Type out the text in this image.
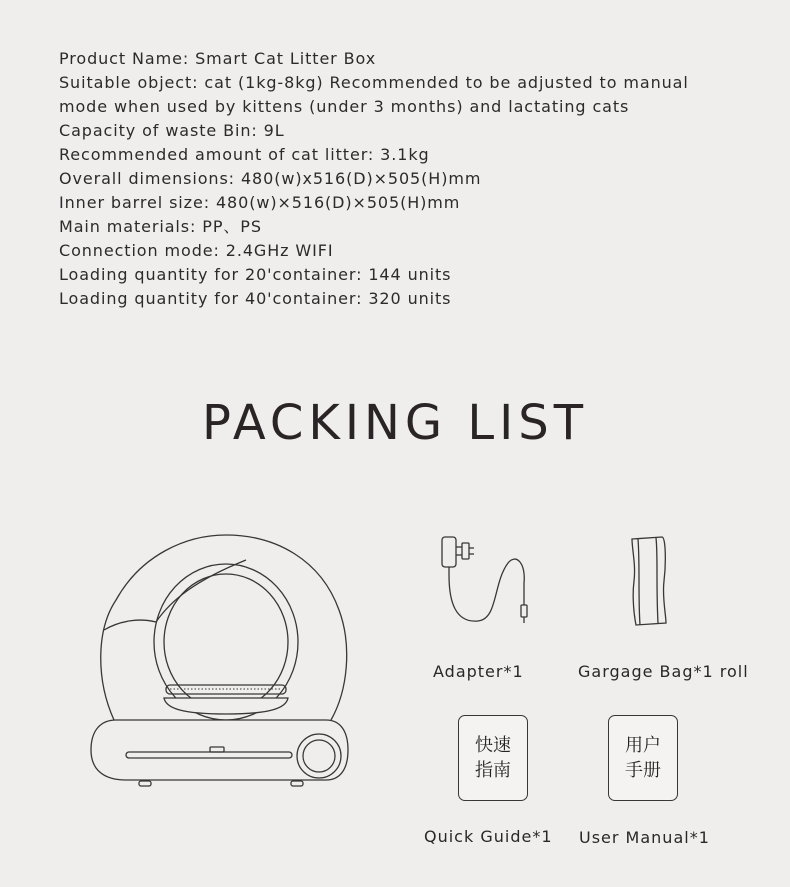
Product Name: Smart Cat Litter Box
Suitable object: cat (1kg-8kg) Recommended to be adjusted to manual
mode when used by kittens (under 3 months) and lactating cats
Capacity of waste Bin: 9L
Recommended amount of cat litter: 3.1kg
Overall dimensions: 480(w)x516(D)×505(H)mm
Inner barrel size: 480(w)×516(D)×505(H)mm
Main materials: PP、PS
Connection mode: 2.4GHz WIFI
Loading quantity for 20'container: 144 units
Loading quantity for 40'container: 320 units
PACKING LIST
Adapter*1	Gargage Bag*1 roll
快速
指南
Quick Guide*1
用户
手册
User Manual*1
